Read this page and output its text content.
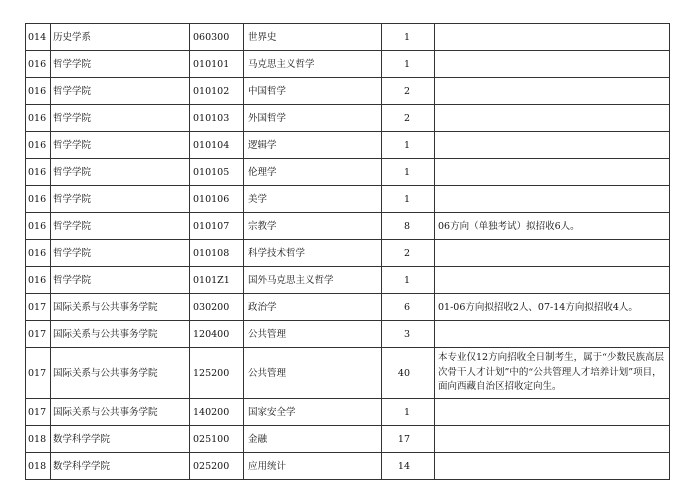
014	历史学系	060300	世界史	1	
016	哲学学院	010101	马克思主义哲学	1	
016	哲学学院	010102	中国哲学	2	
016	哲学学院	010103	外国哲学	2	
016	哲学学院	010104	逻辑学	1	
016	哲学学院	010105	伦理学	1	
016	哲学学院	010106	美学	1	
016	哲学学院	010107	宗教学	8	06方向（单独考试）拟招收6人。
016	哲学学院	010108	科学技术哲学	2	
016	哲学学院	0101Z1	国外马克思主义哲学	1	
017	国际关系与公共事务学院	030200	政治学	6	01-06方向拟招收2人、07-14方向拟招收4人。
017	国际关系与公共事务学院	120400	公共管理	3	
017	国际关系与公共事务学院	125200	公共管理	40	本专业仅12方向招收全日制考生，属于“少数民族高层次骨干人才计划”中的“公共管理人才培养计划”项目，面向西藏自治区招收定向生。
017	国际关系与公共事务学院	140200	国家安全学	1	
018	数学科学学院	025100	金融	17	
018	数学科学学院	025200	应用统计	14	
